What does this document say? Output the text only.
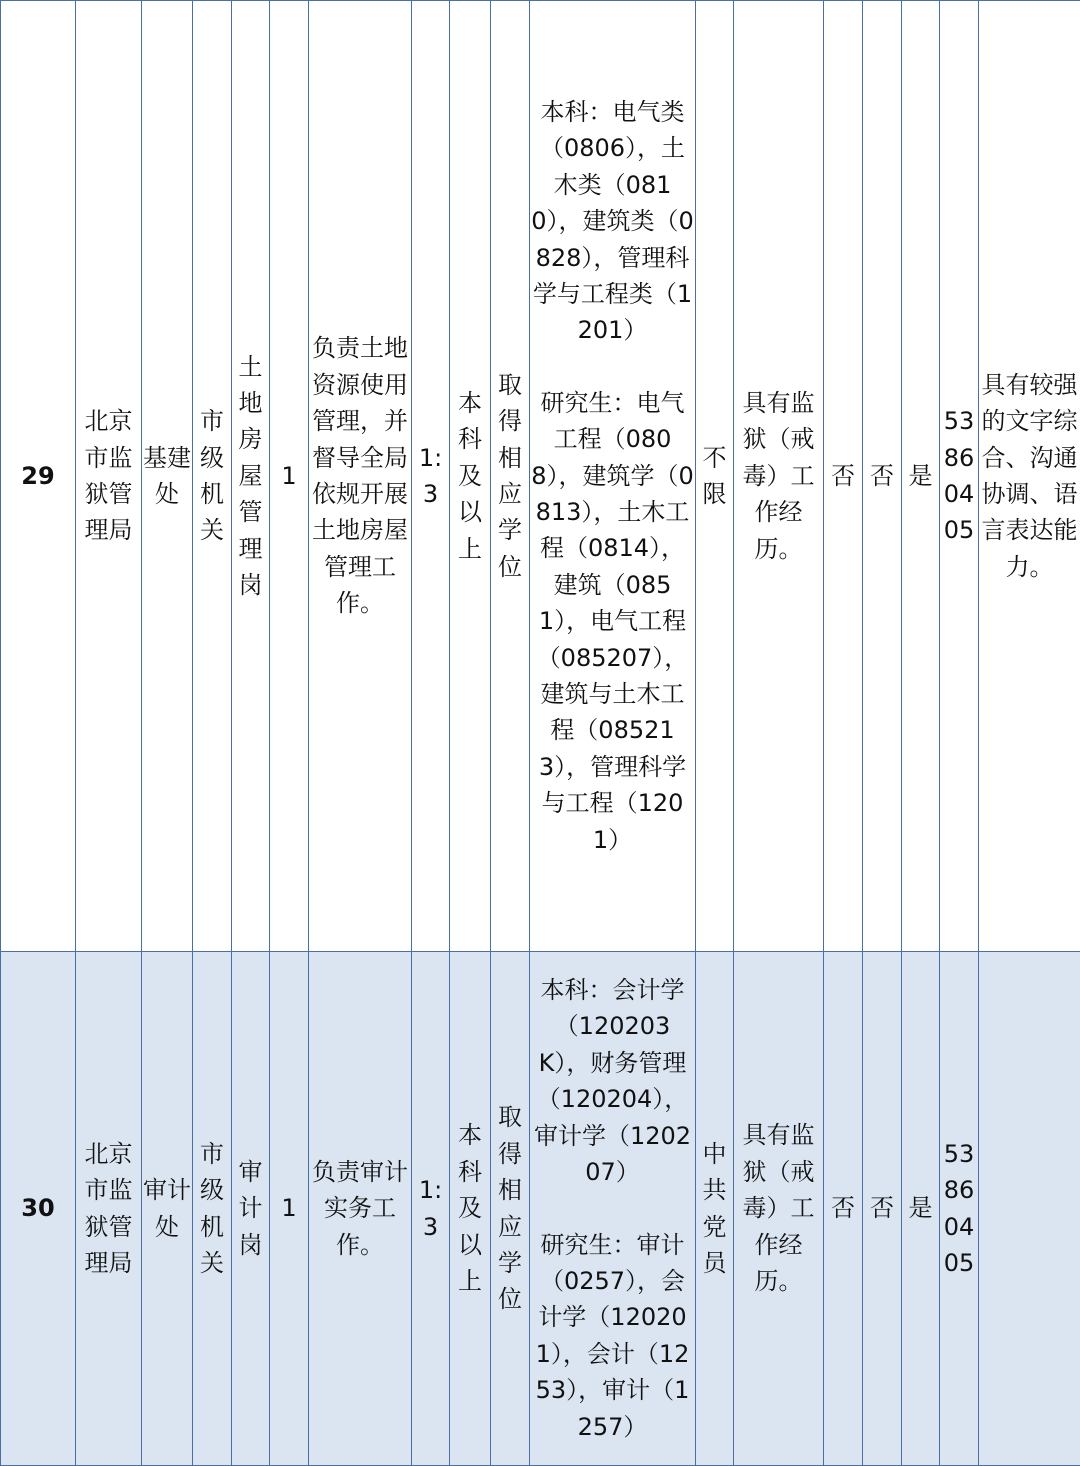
29	北京市监狱管理局	基建处	市级机关	土地房屋管理岗	1	负责土地资源使用管理，并督导全局依规开展土地房屋管理工作。	1:3	本科及以上	取得相应学位	本科：电气类（0806），土木类（0810），建筑类（0828），管理科学与工程类（1201）
研究生：电气工程（0808），建筑学（0813），土木工程（0814），建筑（0851），电气工程（085207），建筑与土木工程（085213），管理科学与工程（1201）	不限	具有监狱（戒毒）工作经历。	否	否	是	53860405	具有较强的文字综合、沟通协调、语言表达能力。
30	北京市监狱管理局	审计处	市级机关	审计岗	1	负责审计实务工作。	1:3	本科及以上	取得相应学位	本科：会计学（120203K），财务管理（120204），审计学（120207）
研究生：审计（0257），会计学（120201），会计（1253），审计（1257）	中共党员	具有监狱（戒毒）工作经历。	否	否	是	53860405	
